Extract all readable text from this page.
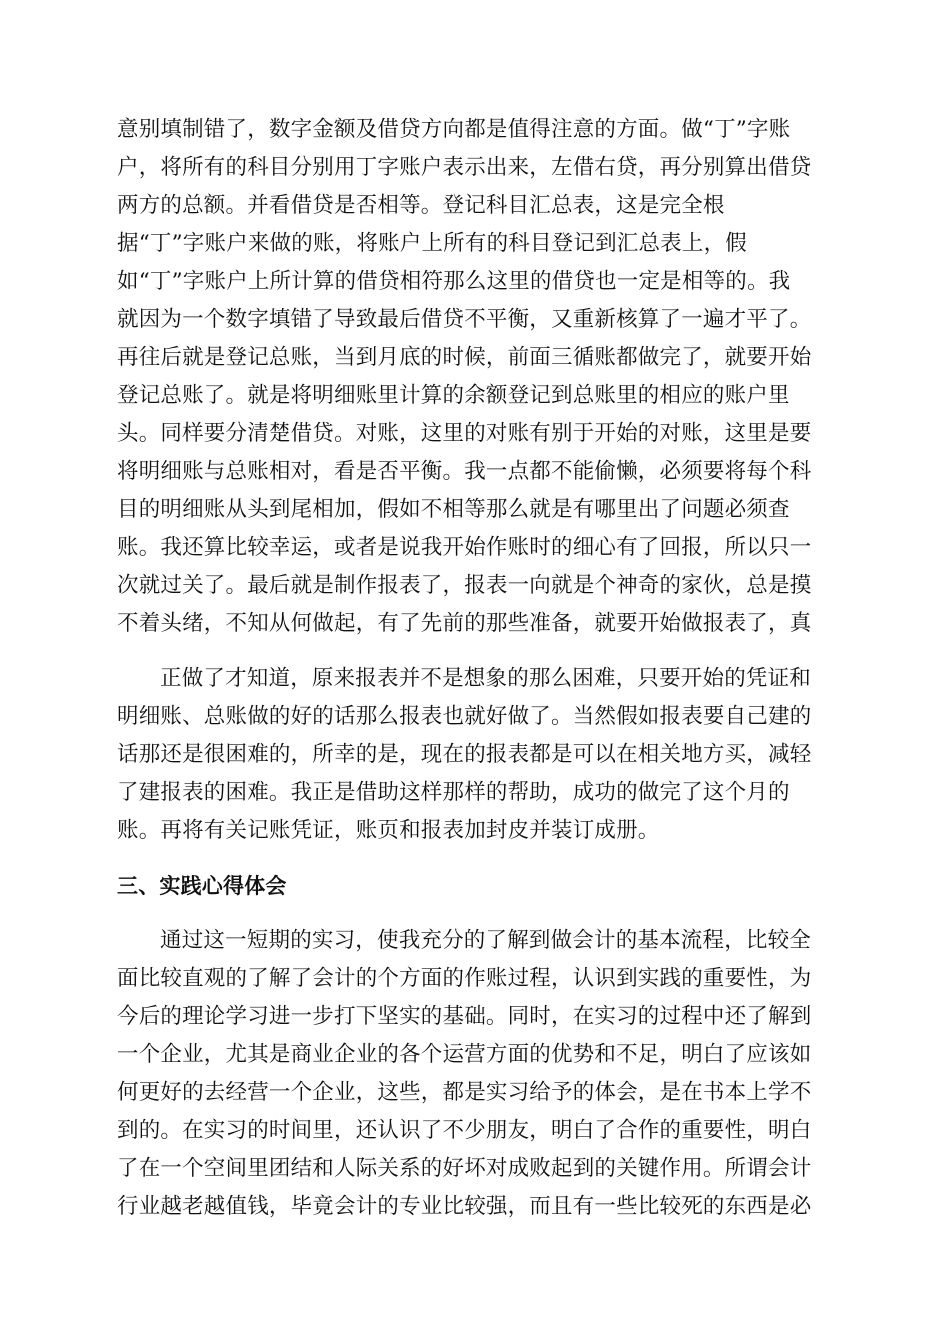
意别填制错了，数字金额及借贷方向都是值得注意的方面。做“丁”字账
户，将所有的科目分别用丁字账户表示出来，左借右贷，再分别算出借贷
两方的总额。并看借贷是否相等。登记科目汇总表，这是完全根
据“丁”字账户来做的账，将账户上所有的科目登记到汇总表上，假
如“丁”字账户上所计算的借贷相符那么这里的借贷也一定是相等的。我
就因为一个数字填错了导致最后借贷不平衡，又重新核算了一遍才平了。
再往后就是登记总账，当到月底的时候，前面三循账都做完了，就要开始
登记总账了。就是将明细账里计算的余额登记到总账里的相应的账户里
头。同样要分清楚借贷。对账，这里的对账有别于开始的对账，这里是要
将明细账与总账相对，看是否平衡。我一点都不能偷懒，必须要将每个科
目的明细账从头到尾相加，假如不相等那么就是有哪里出了问题必须查
账。我还算比较幸运，或者是说我开始作账时的细心有了回报，所以只一
次就过关了。最后就是制作报表了，报表一向就是个神奇的家伙，总是摸
不着头绪，不知从何做起，有了先前的那些准备，就要开始做报表了，真
正做了才知道，原来报表并不是想象的那么困难，只要开始的凭证和
明细账、总账做的好的话那么报表也就好做了。当然假如报表要自己建的
话那还是很困难的，所幸的是，现在的报表都是可以在相关地方买，减轻
了建报表的困难。我正是借助这样那样的帮助，成功的做完了这个月的
账。再将有关记账凭证，账页和报表加封皮并装订成册。
三、实践心得体会
通过这一短期的实习，使我充分的了解到做会计的基本流程，比较全
面比较直观的了解了会计的个方面的作账过程，认识到实践的重要性，为
今后的理论学习进一步打下坚实的基础。同时，在实习的过程中还了解到
一个企业，尤其是商业企业的各个运营方面的优势和不足，明白了应该如
何更好的去经营一个企业，这些，都是实习给予的体会，是在书本上学不
到的。在实习的时间里，还认识了不少朋友，明白了合作的重要性，明白
了在一个空间里团结和人际关系的好坏对成败起到的关键作用。所谓会计
行业越老越值钱，毕竟会计的专业比较强，而且有一些比较死的东西是必
